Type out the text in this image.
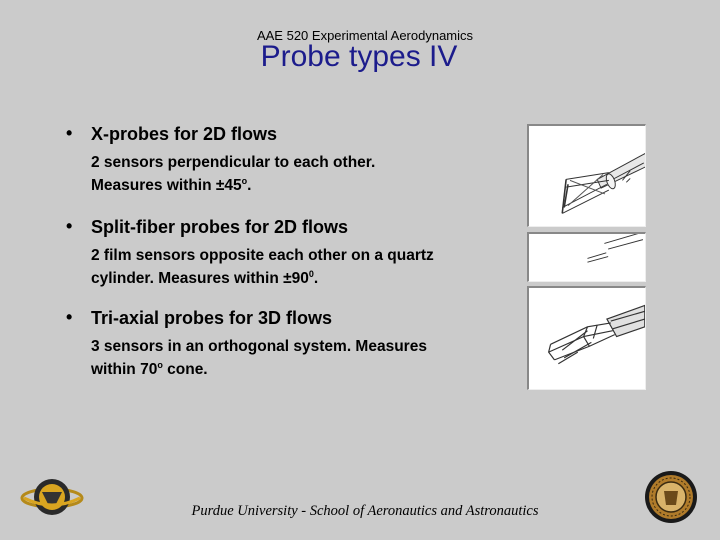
AAE 520 Experimental Aerodynamics
Probe types IV
• X-probes for 2D flows
2 sensors perpendicular to each other.
Measures within $\pm 45^o$.
• Split-fiber probes for 2D flows
2 film sensors opposite each other on a quartz
cylinder. Measures within $\pm 90^0$.
• Tri-axial probes for 3D flows
3 sensors in an orthogonal system. Measures
within 70$^o$ cone.
Purdue University - School of Aeronautics and Astronautics
